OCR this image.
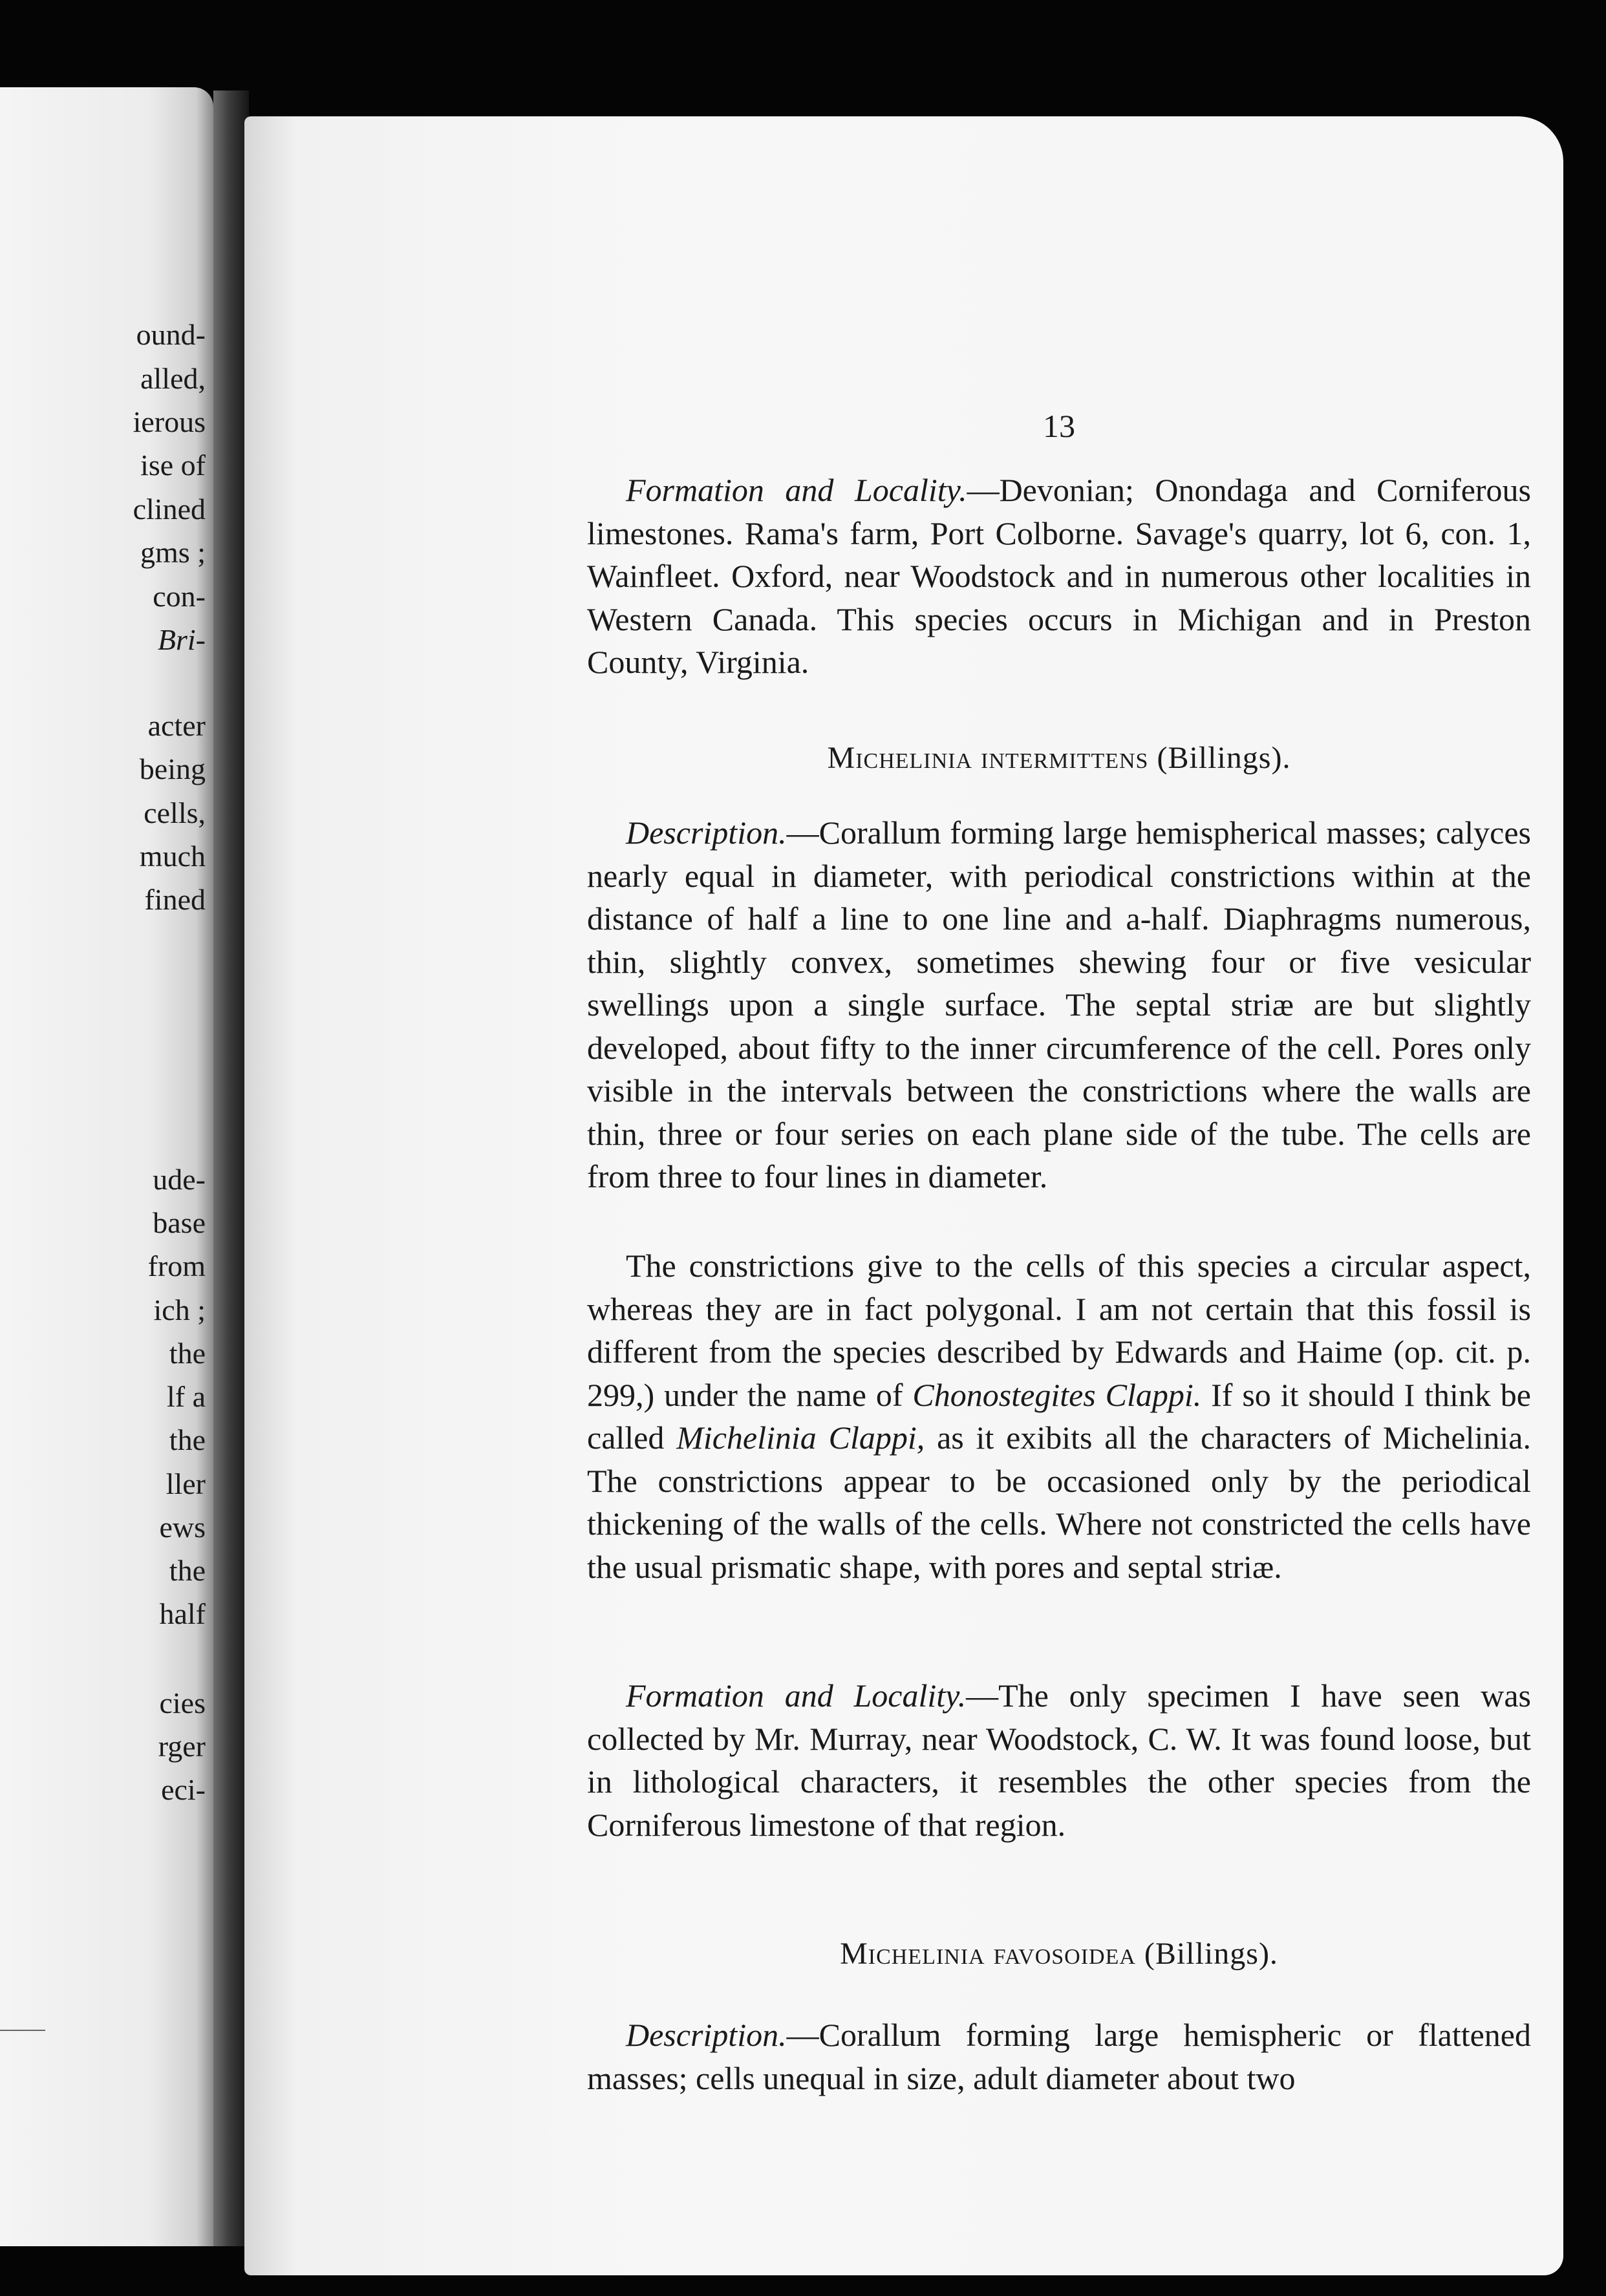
ound-
alled,
ierous
ise of
clined
gms ;
con-
Bri-
acter
being
cells,
much
fined
ude-
base
from
ich ;
the
lf a
the
ller
ews
the
half
cies
rger
eci-
13

Formation and Locality.—Devonian; Onondaga and Corniferous limestones. Rama's farm, Port Colborne. Savage's quarry, lot 6, con. 1, Wainfleet. Oxford, near Woodstock and in numerous other localities in Western Canada. This species occurs in Michigan and in Preston County, Virginia.

Michelinia intermittens (Billings).

Description.—Corallum forming large hemispherical masses; calyces nearly equal in diameter, with periodical constrictions within at the distance of half a line to one line and a-half. Diaphragms numerous, thin, slightly convex, sometimes shewing four or five vesicular swellings upon a single surface. The septal striæ are but slightly developed, about fifty to the inner circumference of the cell. Pores only visible in the intervals between the constrictions where the walls are thin, three or four series on each plane side of the tube. The cells are from three to four lines in diameter.

The constrictions give to the cells of this species a circular aspect, whereas they are in fact polygonal. I am not certain that this fossil is different from the species described by Edwards and Haime (op. cit. p. 299,) under the name of Chonostegites Clappi. If so it should I think be called Michelinia Clappi, as it exibits all the characters of Michelinia. The constrictions appear to be occasioned only by the periodical thickening of the walls of the cells. Where not constricted the cells have the usual prismatic shape, with pores and septal striæ.

Formation and Locality.—The only specimen I have seen was collected by Mr. Murray, near Woodstock, C. W. It was found loose, but in lithological characters, it resembles the other species from the Corniferous limestone of that region.

Michelinia favosoidea (Billings).

Description.—Corallum forming large hemispheric or flattened masses; cells unequal in size, adult diameter about two
